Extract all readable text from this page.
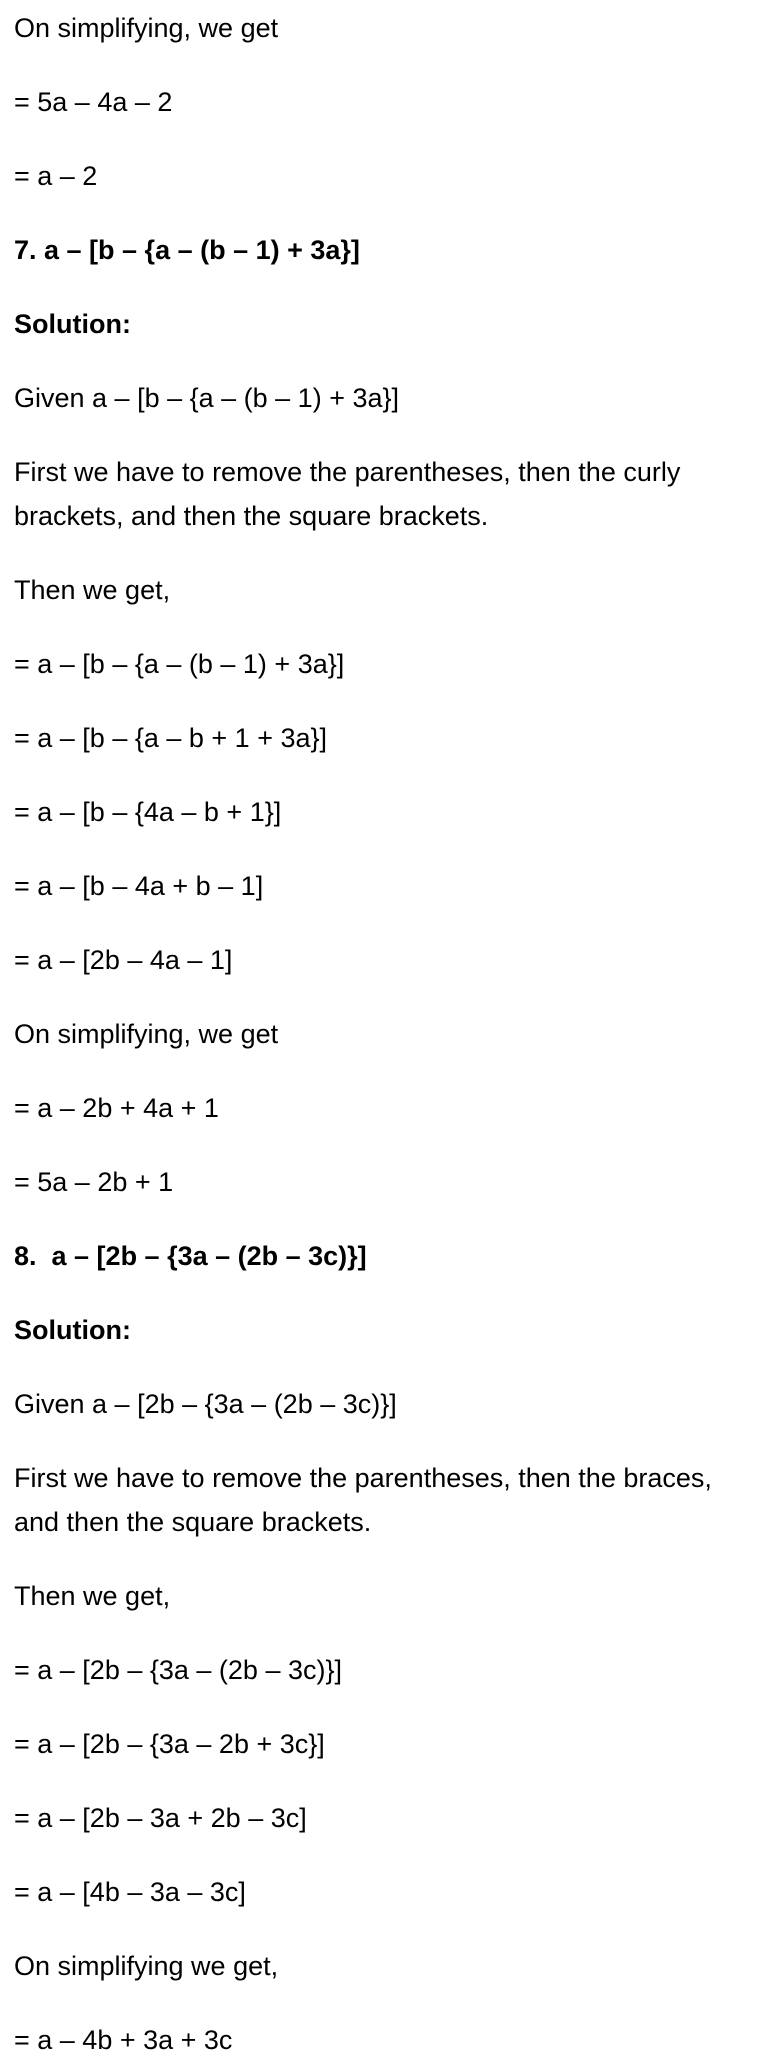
On simplifying, we get

= 5a – 4a – 2

= a – 2

7. a – [b – {a – (b – 1) + 3a}]

Solution:

Given a – [b – {a – (b – 1) + 3a}]

First we have to remove the parentheses, then the curly brackets, and then the square brackets.

Then we get,

= a – [b – {a – (b – 1) + 3a}]

= a – [b – {a – b + 1 + 3a}]

= a – [b – {4a – b + 1}]

= a – [b – 4a + b – 1]

= a – [2b – 4a – 1]

On simplifying, we get

= a – 2b + 4a + 1

= 5a – 2b + 1

8.  a – [2b – {3a – (2b – 3c)}]

Solution:

Given a – [2b – {3a – (2b – 3c)}]

First we have to remove the parentheses, then the braces, and then the square brackets.

Then we get,

= a – [2b – {3a – (2b – 3c)}]

= a – [2b – {3a – 2b + 3c}]

= a – [2b – 3a + 2b – 3c]

= a – [4b – 3a – 3c]

On simplifying we get,

= a – 4b + 3a + 3c
